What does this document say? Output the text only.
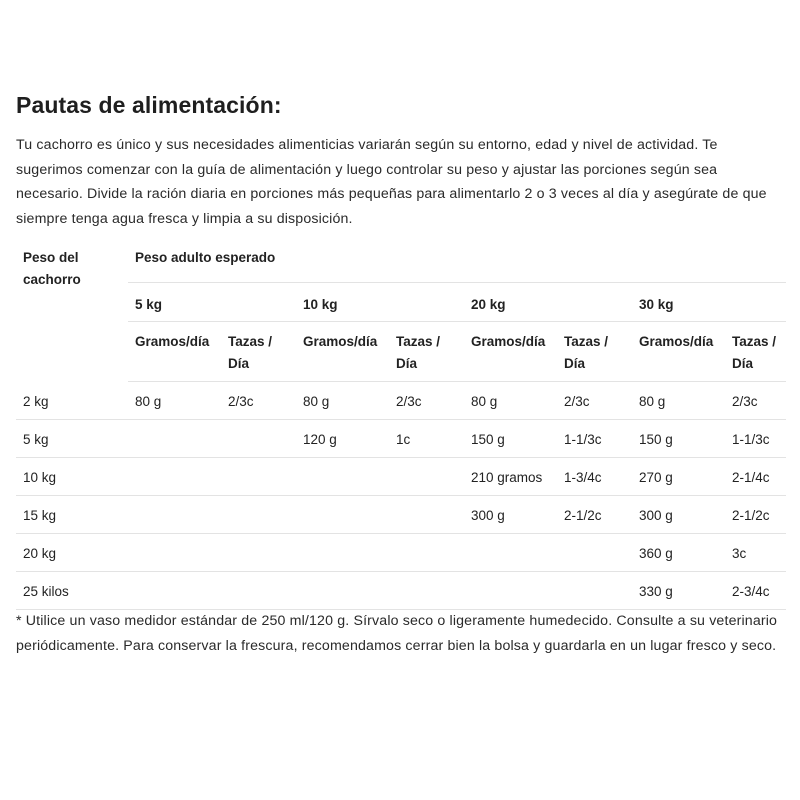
Pautas de alimentación:

Tu cachorro es único y sus necesidades alimenticias variarán según su entorno, edad y nivel de actividad. Te sugerimos comenzar con la guía de alimentación y luego controlar su peso y ajustar las porciones según sea necesario. Divide la ración diaria en porciones más pequeñas para alimentarlo 2 o 3 veces al día y asegúrate de que siempre tenga agua fresca y limpia a su disposición.

Peso del cachorro	Peso adulto esperado							
	5 kg		10 kg		20 kg		30 kg	
	Gramos/día	Tazas / Día	Gramos/día	Tazas / Día	Gramos/día	Tazas / Día	Gramos/día	Tazas / Día
2 kg	80 g	2/3c	80 g	2/3c	80 g	2/3c	80 g	2/3c
5 kg			120 g	1c	150 g	1-1/3c	150 g	1-1/3c
10 kg					210 gramos	1-3/4c	270 g	2-1/4c
15 kg					300 g	2-1/2c	300 g	2-1/2c
20 kg							360 g	3c
25 kilos							330 g	2-3/4c

* Utilice un vaso medidor estándar de 250 ml/120 g. Sírvalo seco o ligeramente humedecido. Consulte a su veterinario periódicamente. Para conservar la frescura, recomendamos cerrar bien la bolsa y guardarla en un lugar fresco y seco.
